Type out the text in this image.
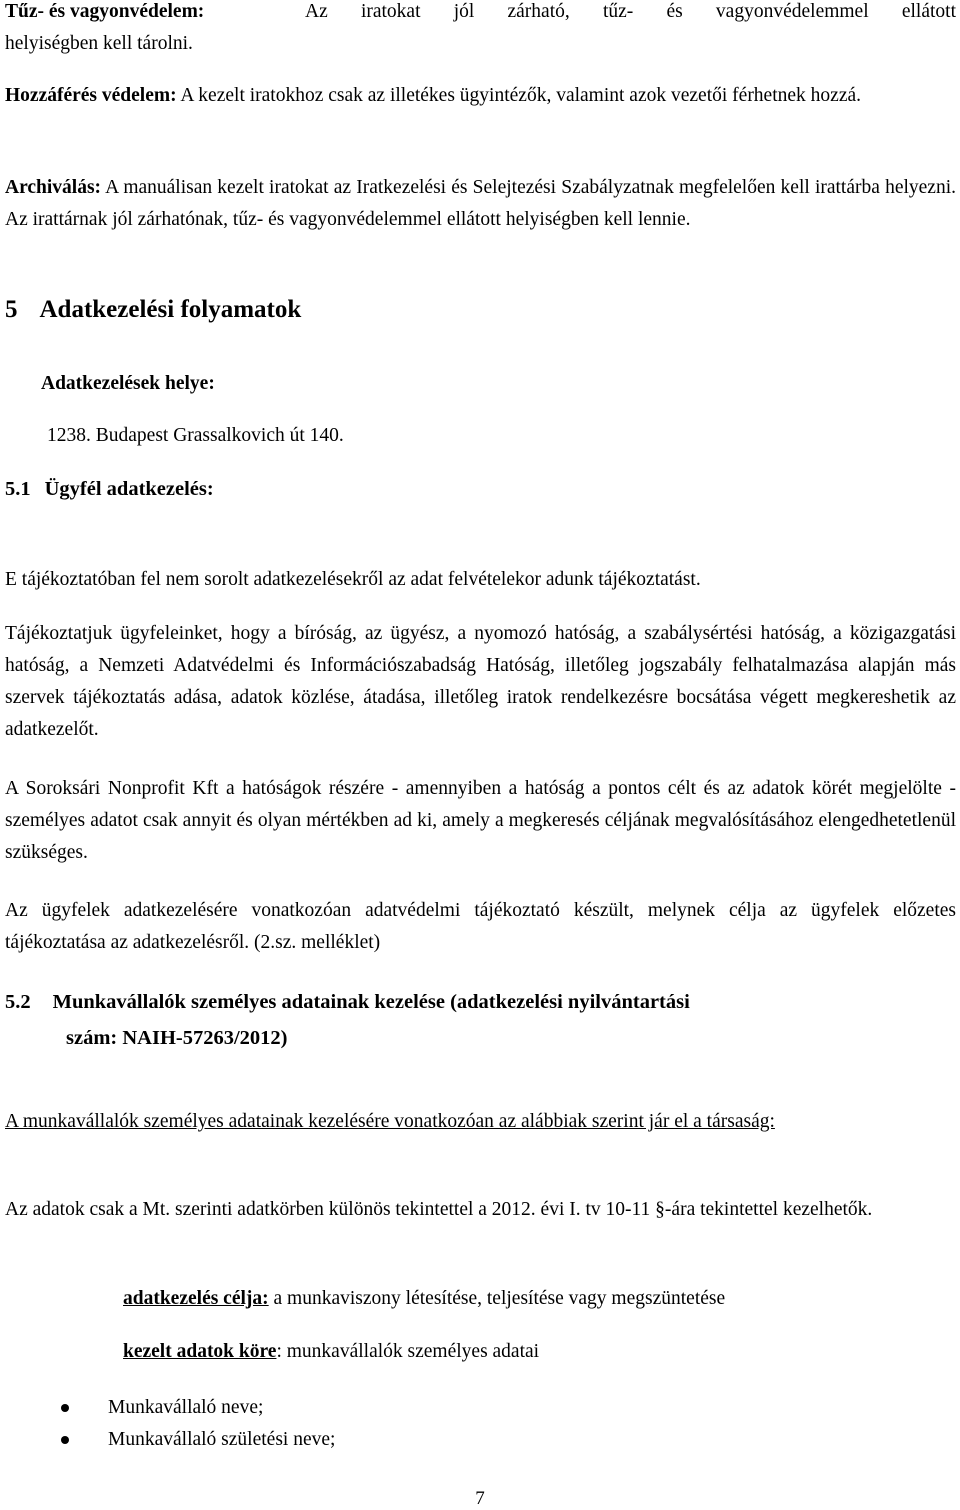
Tűz- és vagyonvédelem:
helyiségben kell tárolni.
Az iratokat jól zárható, tűz- és vagyonvédelemmel ellátott

Hozzáférés védelem: A kezelt iratokhoz csak az illetékes ügyintézők, valamint azok vezetői férhetnek hozzá.

Archiválás: A manuálisan kezelt iratokat az Iratkezelési és Selejtezési Szabályzatnak megfelelően kell irattárba helyezni. Az irattárnak jól zárhatónak, tűz- és vagyonvédelemmel ellátott helyiségben kell lennie.

5 Adatkezelési folyamatok
Adatkezelések helye:
1238. Budapest Grassalkovich út 140.
5.1 Ügyfél adatkezelés:

E tájékoztatóban fel nem sorolt adatkezelésekről az adat felvételekor adunk tájékoztatást.

Tájékoztatjuk ügyfeleinket, hogy a bíróság, az ügyész, a nyomozó hatóság, a szabálysértési hatóság, a közigazgatási hatóság, a Nemzeti Adatvédelmi és Információszabadság Hatóság, illetőleg jogszabály felhatalmazása alapján más szervek tájékoztatás adása, adatok közlése, átadása, illetőleg iratok rendelkezésre bocsátása végett megkereshetik az adatkezelőt.

A Soroksári Nonprofit Kft a hatóságok részére - amennyiben a hatóság a pontos célt és az adatok körét megjelölte - személyes adatot csak annyit és olyan mértékben ad ki, amely a megkeresés céljának megvalósításához elengedhetetlenül szükséges.

Az ügyfelek adatkezelésére vonatkozóan adatvédelmi tájékoztató készült, melynek célja az ügyfelek előzetes tájékoztatása az adatkezelésről. (2.sz. melléklet)

5.2 Munkavállalók személyes adatainak kezelése (adatkezelési nyilvántartási
szám: NAIH-57263/2012)

A munkavállalók személyes adatainak kezelésére vonatkozóan az alábbiak szerint jár el a társaság:

Az adatok csak a Mt. szerinti adatkörben különös tekintettel a 2012. évi I. tv 10-11 §-ára tekintettel kezelhetők.

adatkezelés célja: a munkaviszony létesítése, teljesítése vagy megszüntetése

kezelt adatok köre: munkavállalók személyes adatai

Munkavállaló neve;
Munkavállaló születési neve;
7
